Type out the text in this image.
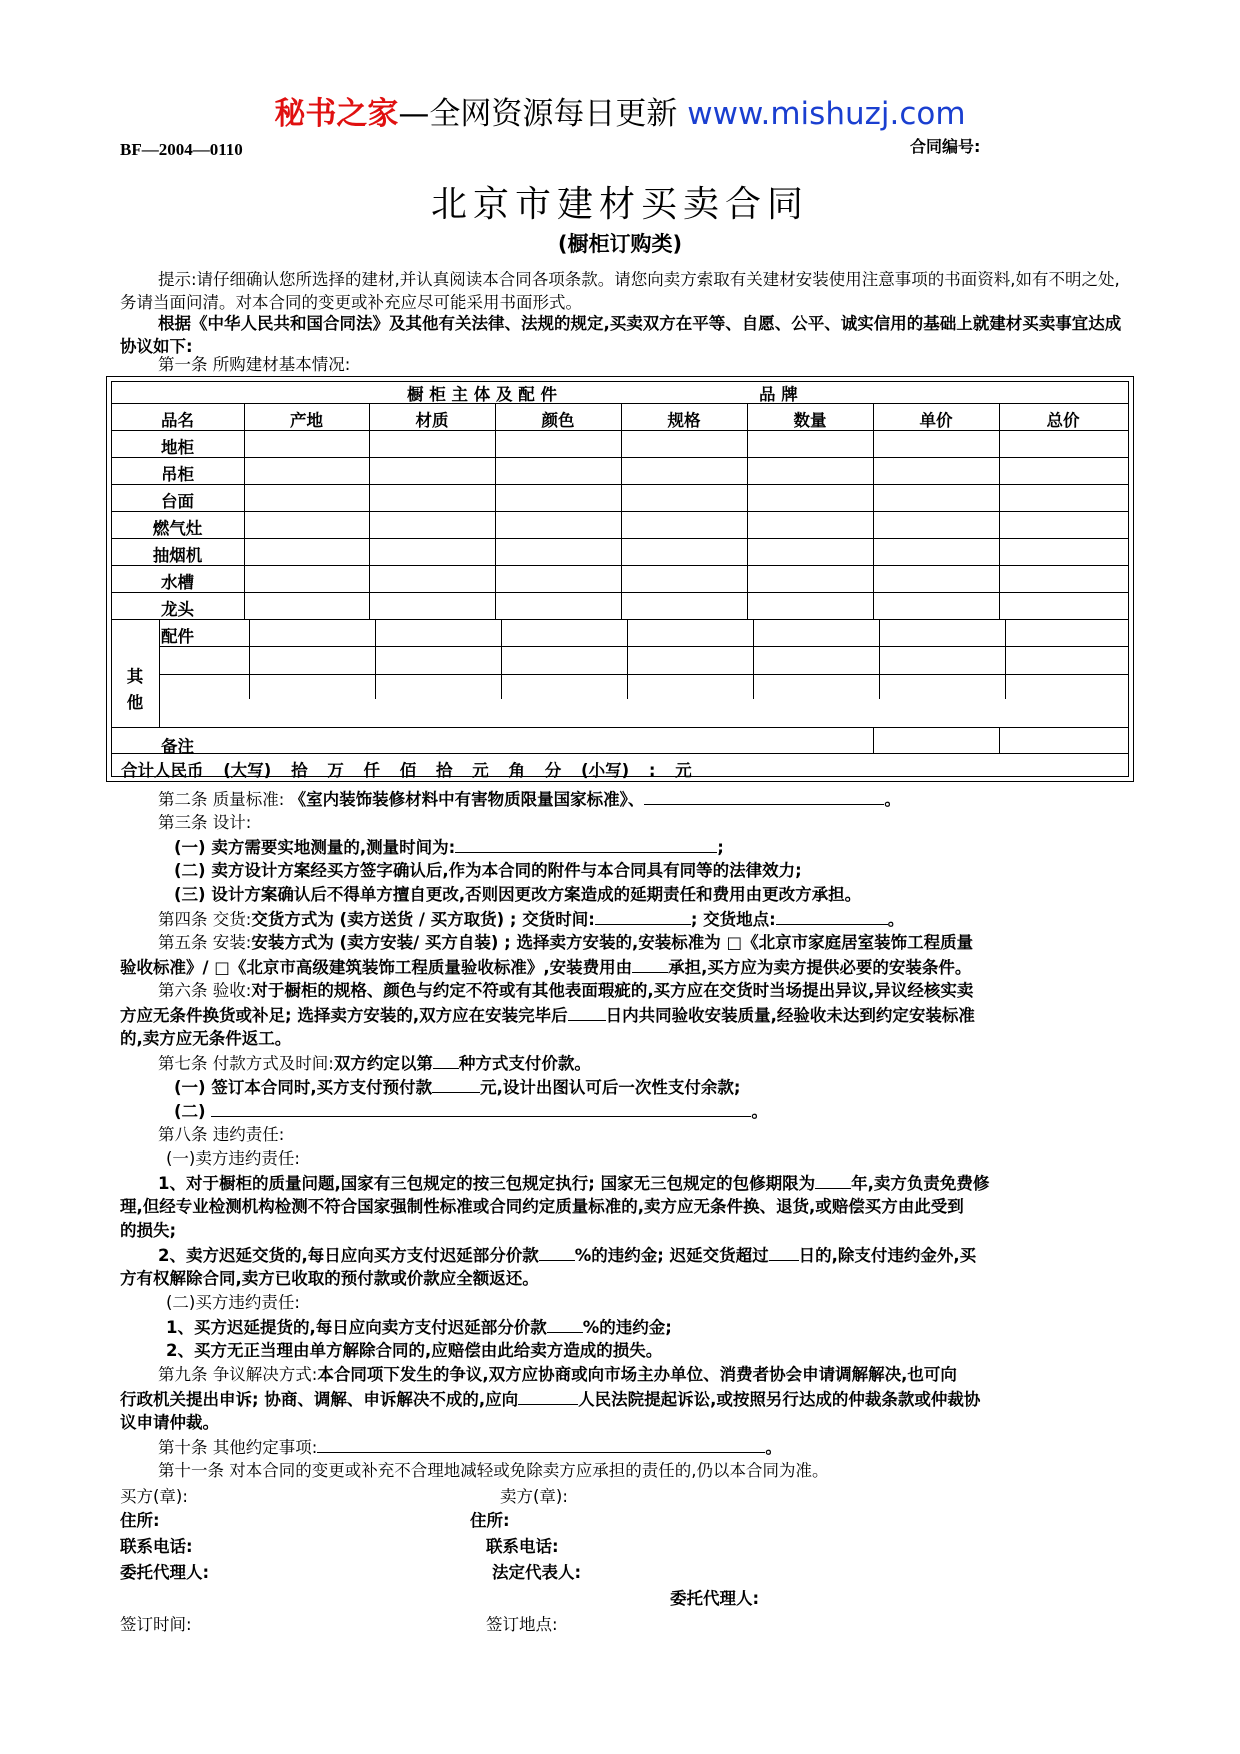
秘书之家—全网资源每日更新 www.mishuzj.com
BF—2004—0110	合同编号:
北京市建材买卖合同
(橱柜订购类)
提示:请仔细确认您所选择的建材,并认真阅读本合同各项条款。请您向卖方索取有关建材安装使用注意事项的书面资料,如有不明之处,务请当面问清。对本合同的变更或补充应尽可能采用书面形式。
根据《中华人民共和国合同法》及其他有关法律、法规的规定,买卖双方在平等、自愿、公平、诚实信用的基础上就建材买卖事宜达成协议如下:
第一条 所购建材基本情况:
橱 柜 主 体 及 配 件	品 牌
品名	产地	材质	颜色	规格	数量	单价	总价
地柜
吊柜
台面
燃气灶
抽烟机
水槽
龙头
配件
其
他
备注
合计人民币 (大写) 拾 万 仟 佰 拾 元 角 分 (小写) : 元
第二条 质量标准: 《室内装饰装修材料中有害物质限量国家标准》、	。
第三条 设计:
(一) 卖方需要实地测量的,测量时间为:	;
(二) 卖方设计方案经买方签字确认后,作为本合同的附件与本合同具有同等的法律效力;
(三) 设计方案确认后不得单方擅自更改,否则因更改方案造成的延期责任和费用由更改方承担。
第四条 交货:交货方式为 (卖方送货 / 买方取货) ; 交货时间:	; 交货地点:	。
第五条 安装:安装方式为 (卖方安装/ 买方自装) ; 选择卖方安装的,安装标准为 □《北京市家庭居室装饰工程质量
验收标准》/ □《北京市高级建筑装饰工程质量验收标准》,安装费用由 承担,买方应为卖方提供必要的安装条件。
第六条 验收:对于橱柜的规格、颜色与约定不符或有其他表面瑕疵的,买方应在交货时当场提出异议,异议经核实卖
方应无条件换货或补足; 选择卖方安装的,双方应在安装完毕后 日内共同验收安装质量,经验收未达到约定安装标准
的,卖方应无条件返工。
第七条 付款方式及时间:双方约定以第 种方式支付价款。
(一) 签订本合同时,买方支付预付款	元,设计出图认可后一次性支付余款;
(二)	。
第八条 违约责任:
(一)卖方违约责任:
1、对于橱柜的质量问题,国家有三包规定的按三包规定执行; 国家无三包规定的包修期限为 年,卖方负责免费修
理,但经专业检测机构检测不符合国家强制性标准或合同约定质量标准的,卖方应无条件换、退货,或赔偿买方由此受到
的损失;
2、卖方迟延交货的,每日应向买方支付迟延部分价款 %的违约金; 迟延交货超过 日的,除支付违约金外,买
方有权解除合同,卖方已收取的预付款或价款应全额返还。
(二)买方违约责任:
1、买方迟延提货的,每日应向卖方支付迟延部分价款 %的违约金;
2、买方无正当理由单方解除合同的,应赔偿由此给卖方造成的损失。
第九条 争议解决方式:本合同项下发生的争议,双方应协商或向市场主办单位、消费者协会申请调解解决,也可向
行政机关提出申诉; 协商、调解、申诉解决不成的,应向	人民法院提起诉讼,或按照另行达成的仲裁条款或仲裁协
议申请仲裁。
第十条 其他约定事项:	。
第十一条 对本合同的变更或补充不合理地减轻或免除卖方应承担的责任的,仍以本合同为准。
买方(章):	卖方(章):
住所:	住所:
联系电话:	联系电话:
委托代理人:	法定代表人:
委托代理人:
签订时间:	签订地点:
